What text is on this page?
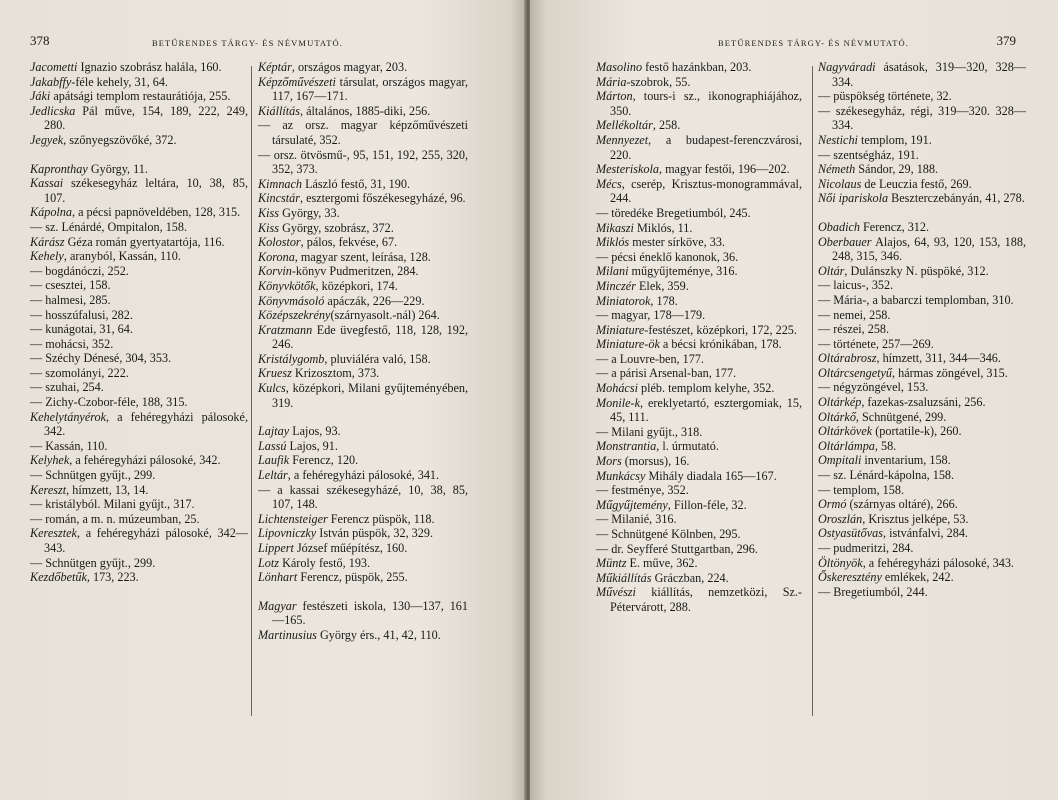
378	BETŰRENDES TÁRGY- ÉS NÉVMUTATÓ.

Jacometti Ignazio szobrász halála, 160.

Jakabffy-féle kehely, 31, 64.

Jáki apátsági templom restaurátiója, 255.

Jedlicska Pál műve, 154, 189, 222, 249, 280.

Jegyek, szőnyegszövőké, 372.

Kapronthay György, 11.

Kassai székesegyház leltára, 10, 38, 85, 107.

Kápolna, a pécsi papnöveldében, 128, 315.

— sz. Lénárdé, Ompitalon, 158.

Kárász Géza román gyertyatartója, 116.

Kehely, aranyból, Kassán, 110.

— bogdánóczi, 252.

— csesztei, 158.

— halmesi, 285.

— hosszúfalusi, 282.

— kunágotai, 31, 64.

— mohácsi, 352.

— Széchy Dénesé, 304, 353.

— szomolányi, 222.

— szuhai, 254.

— Zichy-Czobor-féle, 188, 315.

Kehelytányérok, a fehéregyházi pálosoké, 342.

— Kassán, 110.

Kelyhek, a fehéregyházi pálosoké, 342.

— Schnütgen gyűjt., 299.

Kereszt, hímzett, 13, 14.

— kristályból. Milani gyűjt., 317.

— román, a m. n. múzeumban, 25.

Keresztek, a fehéregyházi pálosoké, 342—343.

— Schnütgen gyűjt., 299.

Kezdőbetűk, 173, 223.

Képtár, országos magyar, 203.

Képzőművészeti társulat, országos magyar, 117, 167—171.

Kiállítás, általános, 1885-diki, 256.

— az orsz. magyar képzőművészeti társulaté, 352.

— orsz. ötvösmű-, 95, 151, 192, 255, 320, 352, 373.

Kimnach László festő, 31, 190.

Kincstár, esztergomi főszékesegyházé, 96.

Kiss György, 33.

Kiss György, szobrász, 372.

Kolostor, pálos, fekvése, 67.

Korona, magyar szent, leírása, 128.

Korvin-könyv Pudmeritzen, 284.

Könyvkötők, középkori, 174.

Könyvmásoló apáczák, 226—229.

Középszekrény(szárnyasolt.-nál) 264.

Kratzmann Ede üvegfestő, 118, 128, 192, 246.

Kristálygomb, pluviáléra való, 158.

Kruesz Krizosztom, 373.

Kulcs, középkori, Milani gyűjteményében, 319.

Lajtay Lajos, 93.

Lassú Lajos, 91.

Laufik Ferencz, 120.

Leltár, a fehéregyházi pálosoké, 341.

— a kassai székesegyházé, 10, 38, 85, 107, 148.

Lichtensteiger Ferencz püspök, 118.

Lipovniczky István püspök, 32, 329.

Lippert József műépítész, 160.

Lotz Károly festő, 193.

Lönhart Ferencz, püspök, 255.

Magyar festészeti iskola, 130—137, 161—165.

Martinusius György érs., 41, 42, 110.

BETŰRENDES TÁRGY- ÉS NÉVMUTATÓ.	379

Masolino festő hazánkban, 203.

Mária-szobrok, 55.

Márton, tours-i sz., ikonographiájához, 350.

Mellékoltár, 258.

Mennyezet, a budapest-ferenczvárosi, 220.

Mesteriskola, magyar festői, 196—202.

Mécs, cserép, Krisztus-monogrammával, 244.

— töredéke Bregetiumból, 245.

Mikaszi Miklós, 11.

Miklós mester sírköve, 33.

— pécsi éneklő kanonok, 36.

Milani műgyűjteménye, 316.

Minczér Elek, 359.

Miniatorok, 178.

— magyar, 178—179.

Miniature-festészet, középkori, 172, 225.

Miniature-ök a bécsi krónikában, 178.

— a Louvre-ben, 177.

— a párisi Arsenal-ban, 177.

Mohácsi pléb. templom kelyhe, 352.

Monile-k, ereklyetartó, esztergomiak, 15, 45, 111.

— Milani gyűjt., 318.

Monstrantia, l. úrmutató.

Mors (morsus), 16.

Munkácsy Mihály diadala 165—167.

— festménye, 352.

Műgyűjtemény, Fillon-féle, 32.

— Milanié, 316.

— Schnütgené Kölnben, 295.

— dr. Seyfferé Stuttgartban, 296.

Müntz E. műve, 362.

Műkiállítás Gráczban, 224.

Művészi kiállítás, nemzetközi, Sz.-Pétervárott, 288.

Nagyváradi ásatások, 319—320, 328—334.

— püspökség története, 32.

— székesegyház, régi, 319—320. 328—334.

Nestichi templom, 191.

— szentségház, 191.

Németh Sándor, 29, 188.

Nicolaus de Leuczia festő, 269.

Női ipariskola Beszterczebányán, 41, 278.

Obadich Ferencz, 312.

Oberbauer Alajos, 64, 93, 120, 153, 188, 248, 315, 346.

Oltár, Dulánszky N. püspöké, 312.

— laicus-, 352.

— Mária-, a babarczi templomban, 310.

— nemei, 258.

— részei, 258.

— története, 257—269.

Oltárabrosz, hímzett, 311, 344—346.

Oltárcsengetyű, hármas zöngével, 315.

— négyzöngével, 153.

Oltárkép, fazekas-zsaluzsáni, 256.

Oltárkő, Schnütgené, 299.

Oltárkövek (portatile-k), 260.

Oltárlámpa, 58.

Ompitali inventarium, 158.

— sz. Lénárd-kápolna, 158.

— templom, 158.

Ormó (szárnyas oltáré), 266.

Oroszlán, Krisztus jelképe, 53.

Ostyasütővas, istvánfalvi, 284.

— pudmeritzi, 284.

Öltönyök, a fehéregyházi pálosoké, 343.

Őskeresztény emlékek, 242.

— Bregetiumból, 244.
